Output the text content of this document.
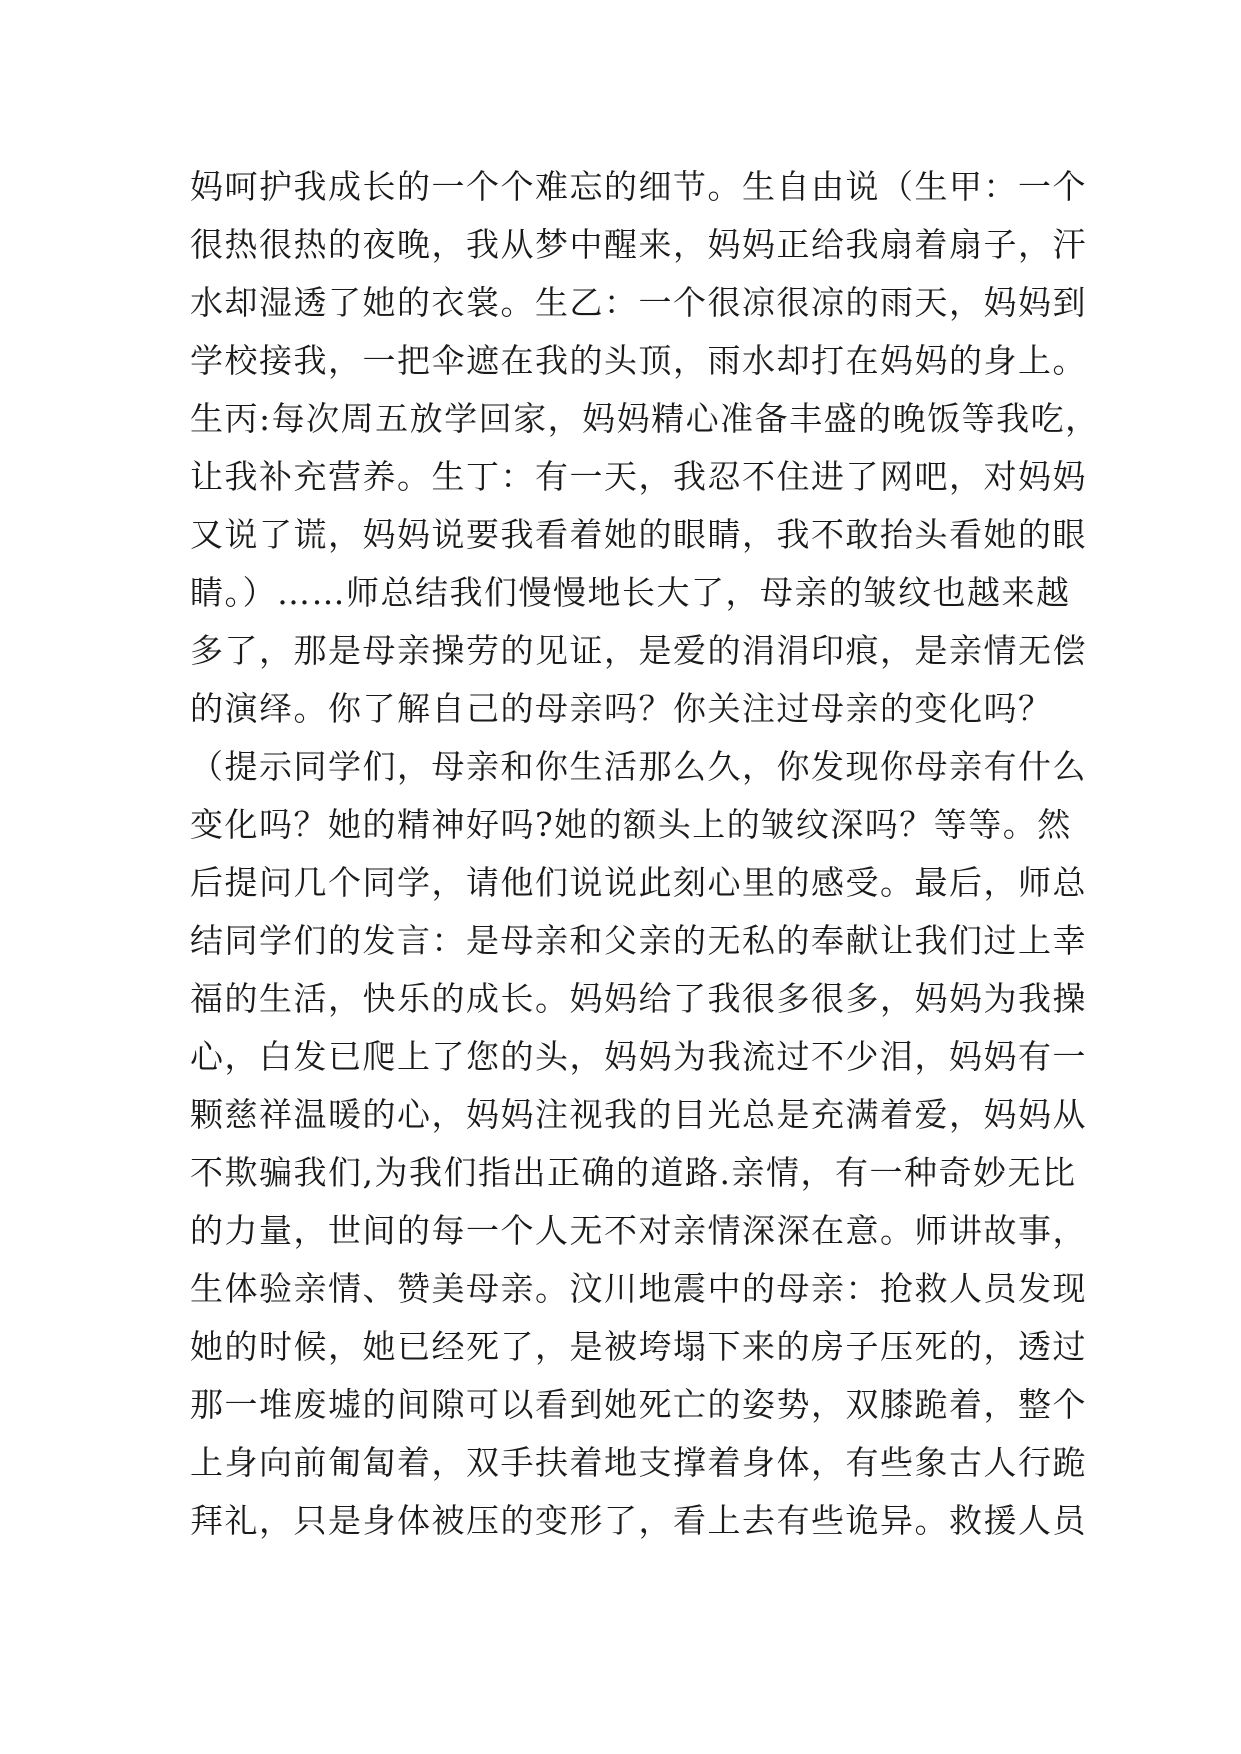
妈呵护我成长的一个个难忘的细节。生自由说（生甲：一个
很热很热的夜晚，我从梦中醒来，妈妈正给我扇着扇子，汗
水却湿透了她的衣裳。生乙：一个很凉很凉的雨天，妈妈到
学校接我，一把伞遮在我的头顶，雨水却打在妈妈的身上。
生丙:每次周五放学回家，妈妈精心准备丰盛的晚饭等我吃，
让我补充营养。生丁：有一天，我忍不住进了网吧，对妈妈
又说了谎，妈妈说要我看着她的眼睛，我不敢抬头看她的眼
睛。）……师总结我们慢慢地长大了，母亲的皱纹也越来越
多了，那是母亲操劳的见证，是爱的涓涓印痕，是亲情无偿
的演绎。你了解自己的母亲吗？你关注过母亲的变化吗？
（提示同学们，母亲和你生活那么久，你发现你母亲有什么
变化吗？她的精神好吗?她的额头上的皱纹深吗？等等。然
后提问几个同学，请他们说说此刻心里的感受。最后，师总
结同学们的发言：是母亲和父亲的无私的奉献让我们过上幸
福的生活，快乐的成长。妈妈给了我很多很多，妈妈为我操
心，白发已爬上了您的头，妈妈为我流过不少泪，妈妈有一
颗慈祥温暖的心，妈妈注视我的目光总是充满着爱，妈妈从
不欺骗我们,为我们指出正确的道路.亲情，有一种奇妙无比
的力量，世间的每一个人无不对亲情深深在意。师讲故事，
生体验亲情、赞美母亲。汶川地震中的母亲：抢救人员发现
她的时候，她已经死了，是被垮塌下来的房子压死的，透过
那一堆废墟的间隙可以看到她死亡的姿势，双膝跪着，整个
上身向前匍匐着，双手扶着地支撑着身体，有些象古人行跪
拜礼，只是身体被压的变形了，看上去有些诡异。救援人员
